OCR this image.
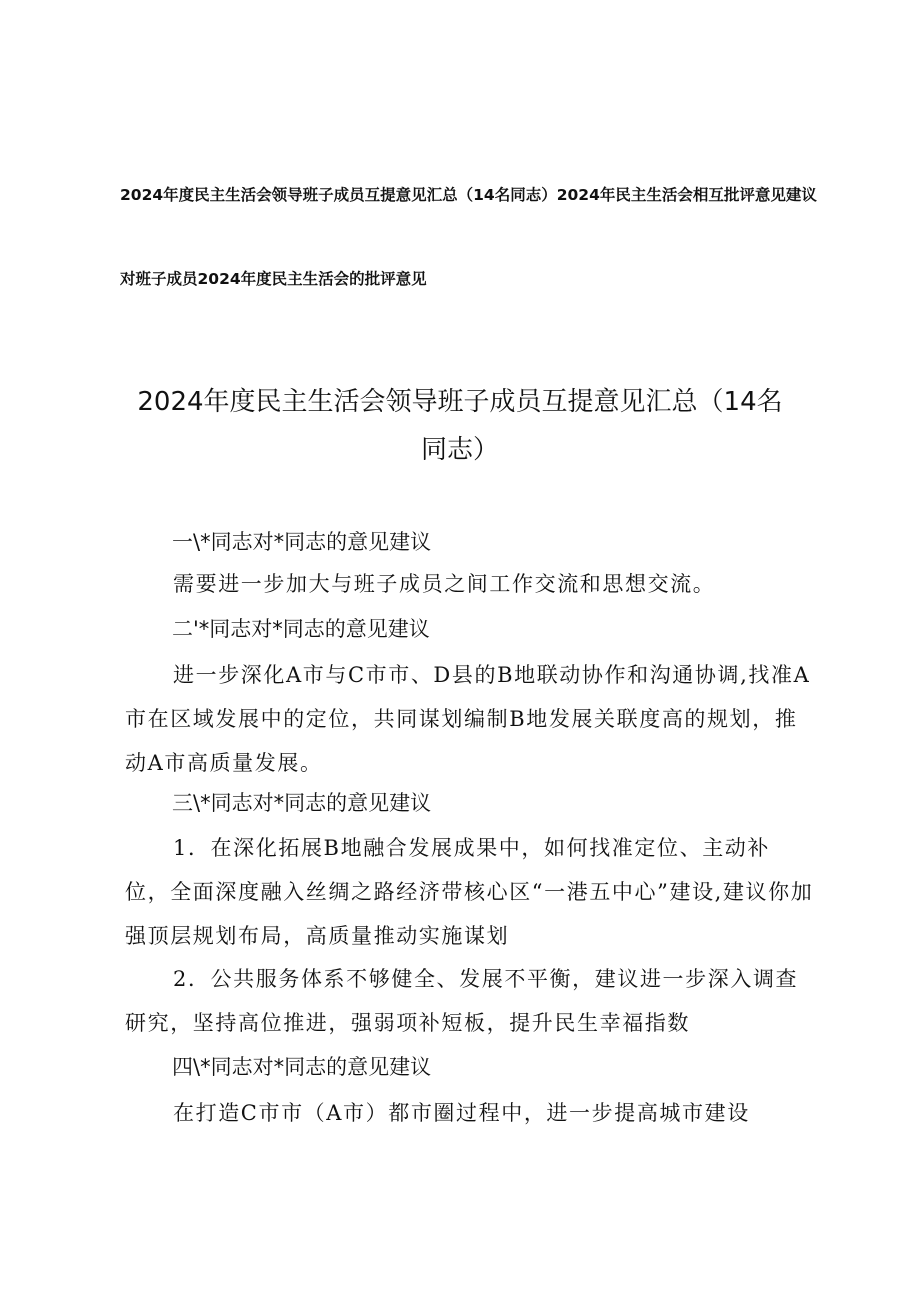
2024年度民主生活会领导班子成员互提意见汇总（14名同志）2024年民主生活会相互批评意见建议
对班子成员2024年度民主生活会的批评意见
2024年度民主生活会领导班子成员互提意见汇总（14名同志）
一\*同志对*同志的意见建议
需要进一步加大与班子成员之间工作交流和思想交流。
二'*同志对*同志的意见建议
进一步深化A市与C市市、D县的B地联动协作和沟通协调,找准A市在区域发展中的定位，共同谋划编制B地发展关联度高的规划，推动A市高质量发展。
三\*同志对*同志的意见建议
1．在深化拓展B地融合发展成果中，如何找准定位、主动补位，全面深度融入丝绸之路经济带核心区“一港五中心”建设,建议你加强顶层规划布局，高质量推动实施谋划
2．公共服务体系不够健全、发展不平衡，建议进一步深入调查研究，坚持高位推进，强弱项补短板，提升民生幸福指数
四\*同志对*同志的意见建议
在打造C市市（A市）都市圈过程中，进一步提高城市建设
